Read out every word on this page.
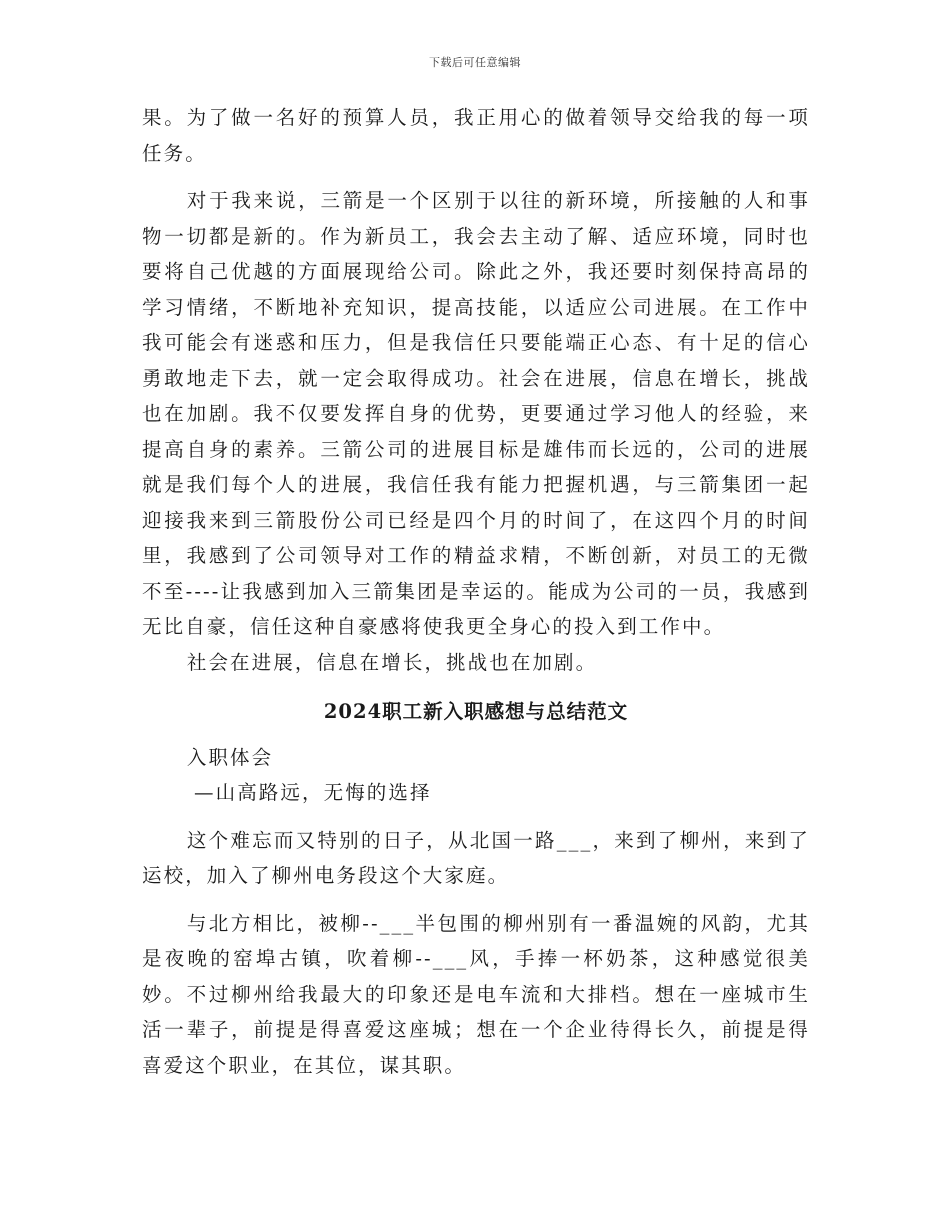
下载后可任意编辑

果。为了做一名好的预算人员，我正用心的做着领导交给我的每一项任务。

对于我来说，三箭是一个区别于以往的新环境，所接触的人和事物一切都是新的。作为新员工，我会去主动了解、适应环境，同时也要将自己优越的方面展现给公司。除此之外，我还要时刻保持高昂的学习情绪，不断地补充知识，提高技能，以适应公司进展。在工作中我可能会有迷惑和压力，但是我信任只要能端正心态、有十足的信心勇敢地走下去，就一定会取得成功。社会在进展，信息在增长，挑战也在加剧。我不仅要发挥自身的优势，更要通过学习他人的经验，来提高自身的素养。三箭公司的进展目标是雄伟而长远的，公司的进展就是我们每个人的进展，我信任我有能力把握机遇，与三箭集团一起迎接我来到三箭股份公司已经是四个月的时间了，在这四个月的时间里，我感到了公司领导对工作的精益求精，不断创新，对员工的无微不至----让我感到加入三箭集团是幸运的。能成为公司的一员，我感到无比自豪，信任这种自豪感将使我更全身心的投入到工作中。

社会在进展，信息在增长，挑战也在加剧。

2024职工新入职感想与总结范文

入职体会

—山高路远，无悔的选择

这个难忘而又特别的日子，从北国一路___，来到了柳州，来到了运校，加入了柳州电务段这个大家庭。

与北方相比，被柳--___半包围的柳州别有一番温婉的风韵，尤其是夜晚的窑埠古镇，吹着柳--___风，手捧一杯奶茶，这种感觉很美妙。不过柳州给我最大的印象还是电车流和大排档。想在一座城市生活一辈子，前提是得喜爱这座城；想在一个企业待得长久，前提是得喜爱这个职业，在其位，谋其职。
